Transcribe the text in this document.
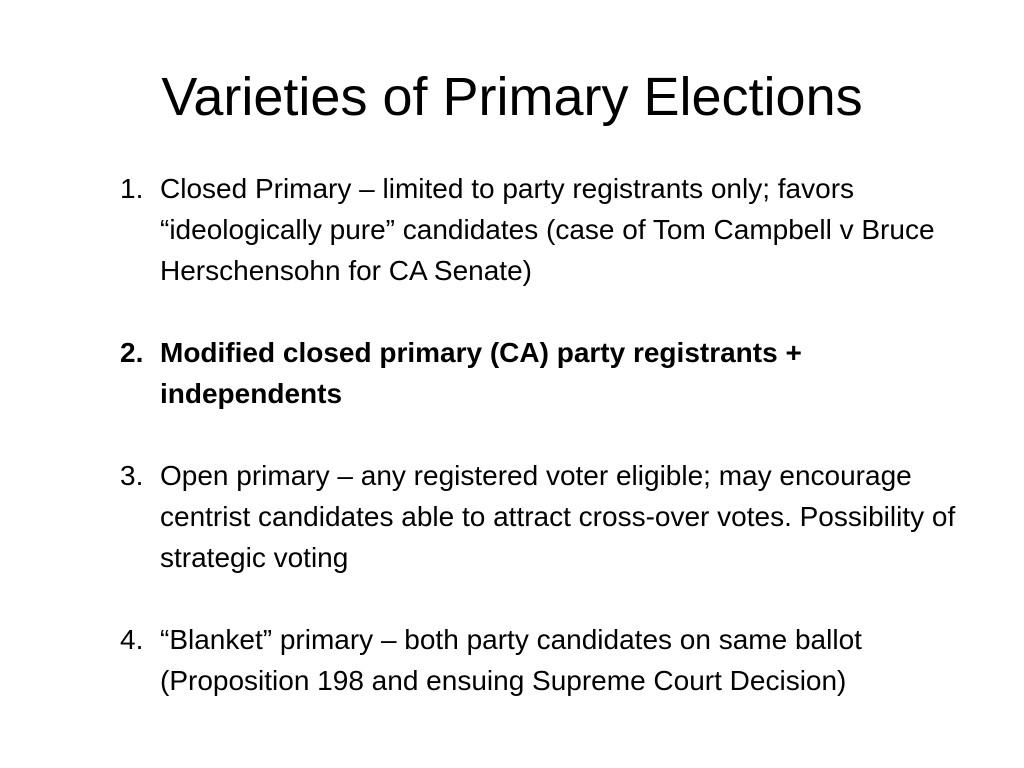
Varieties of Primary Elections
1. Closed Primary – limited to party registrants only; favors “ideologically pure” candidates (case of Tom Campbell v Bruce Herschensohn for CA Senate)
2. Modified closed primary (CA) party registrants + independents
3. Open primary – any registered voter eligible; may encourage centrist candidates able to attract cross-over votes. Possibility of strategic voting
4. “Blanket” primary – both party candidates on same ballot (Proposition 198 and ensuing Supreme Court Decision)
